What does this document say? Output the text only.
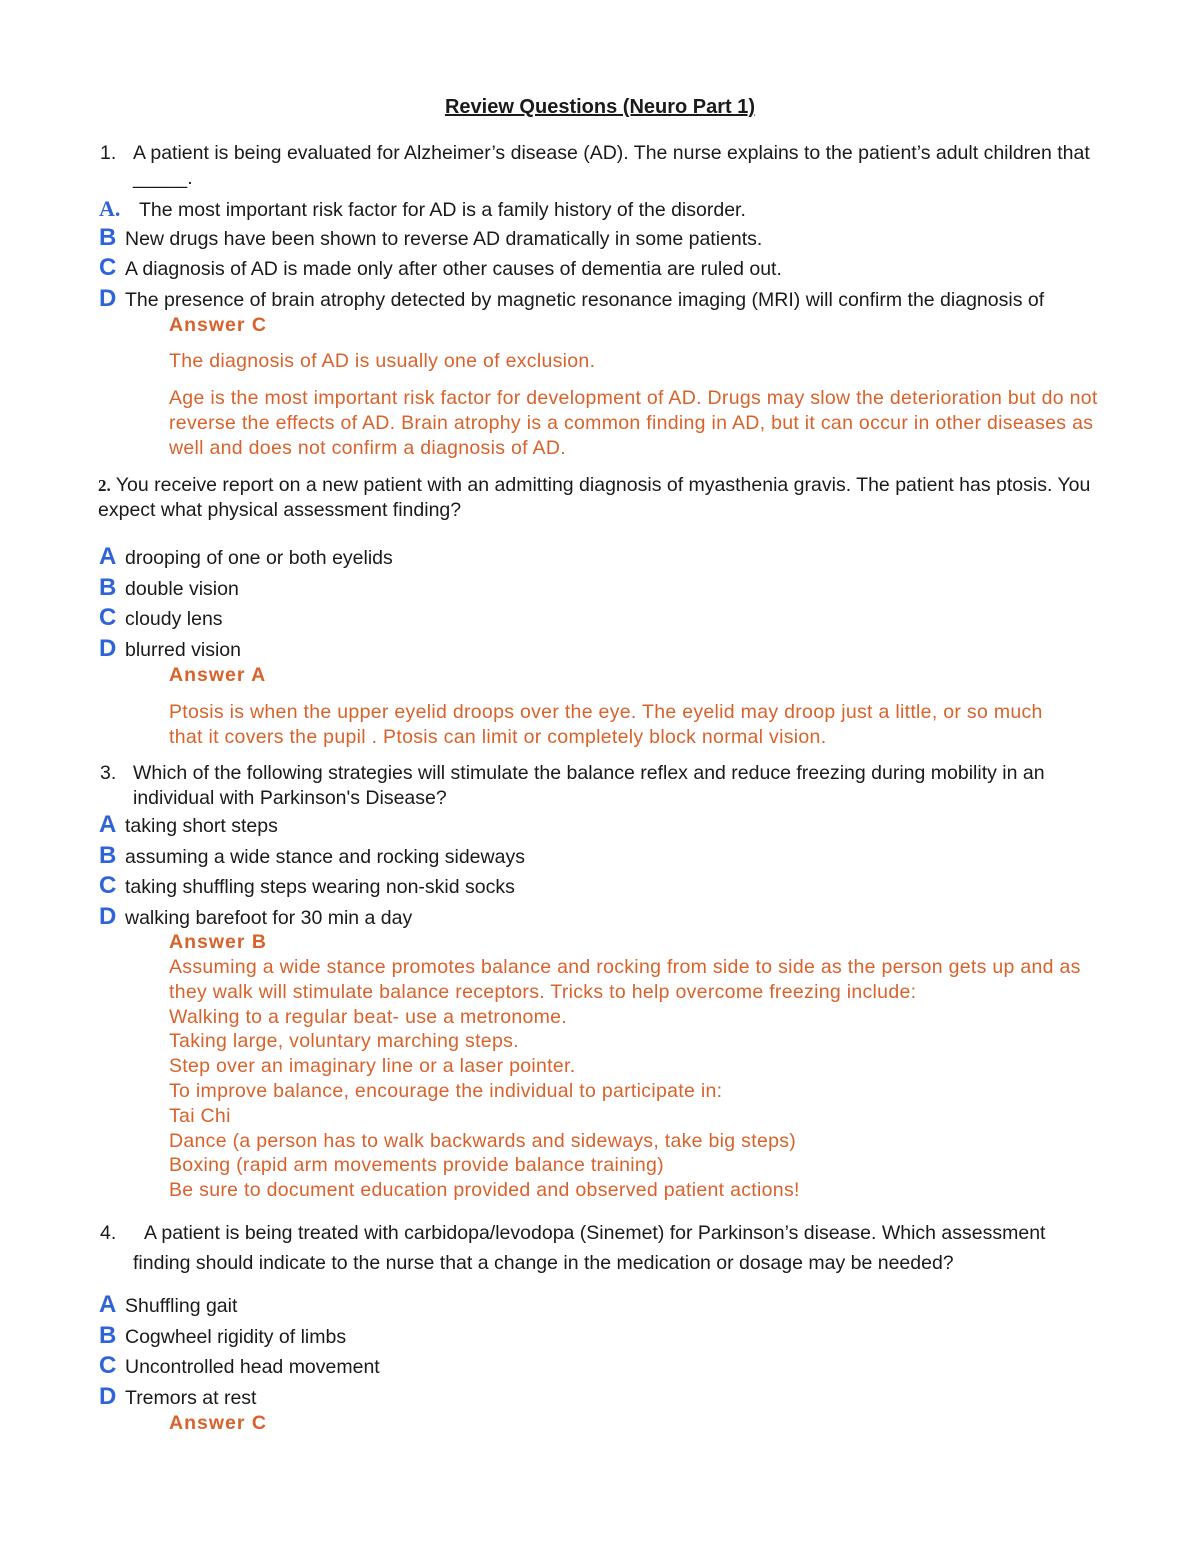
Review Questions (Neuro Part 1)
1. A patient is being evaluated for Alzheimer’s disease (AD). The nurse explains to the patient’s adult children that _____.
A. The most important risk factor for AD is a family history of the disorder.
B New drugs have been shown to reverse AD dramatically in some patients.
C A diagnosis of AD is made only after other causes of dementia are ruled out.
D The presence of brain atrophy detected by magnetic resonance imaging (MRI) will confirm the diagnosis of
Answer C

The diagnosis of AD is usually one of exclusion.

Age is the most important risk factor for development of AD. Drugs may slow the deterioration but do not reverse the effects of AD. Brain atrophy is a common finding in AD, but it can occur in other diseases as well and does not confirm a diagnosis of AD.

2. You receive report on a new patient with an admitting diagnosis of myasthenia gravis. The patient has ptosis. You expect what physical assessment finding?
A drooping of one or both eyelids
B double vision
C cloudy lens
D blurred vision
Answer A

Ptosis is when the upper eyelid droops over the eye. The eyelid may droop just a little, or so much that it covers the pupil . Ptosis can limit or completely block normal vision.

3. Which of the following strategies will stimulate the balance reflex and reduce freezing during mobility in an individual with Parkinson's Disease?
A taking short steps
B assuming a wide stance and rocking sideways
C taking shuffling steps wearing non-skid socks
D walking barefoot for 30 min a day
Answer B

Assuming a wide stance promotes balance and rocking from side to side as the person gets up and as they walk will stimulate balance receptors. Tricks to help overcome freezing include:

Walking to a regular beat- use a metronome.

Taking large, voluntary marching steps.

Step over an imaginary line or a laser pointer.

To improve balance, encourage the individual to participate in:

Tai Chi

Dance (a person has to walk backwards and sideways, take big steps)

Boxing (rapid arm movements provide balance training)

Be sure to document education provided and observed patient actions!

4.	A patient is being treated with carbidopa/levodopa (Sinemet) for Parkinson’s disease. Which assessment finding should indicate to the nurse that a change in the medication or dosage may be needed?
A Shuffling gait
B Cogwheel rigidity of limbs
C Uncontrolled head movement
D Tremors at rest
Answer C
